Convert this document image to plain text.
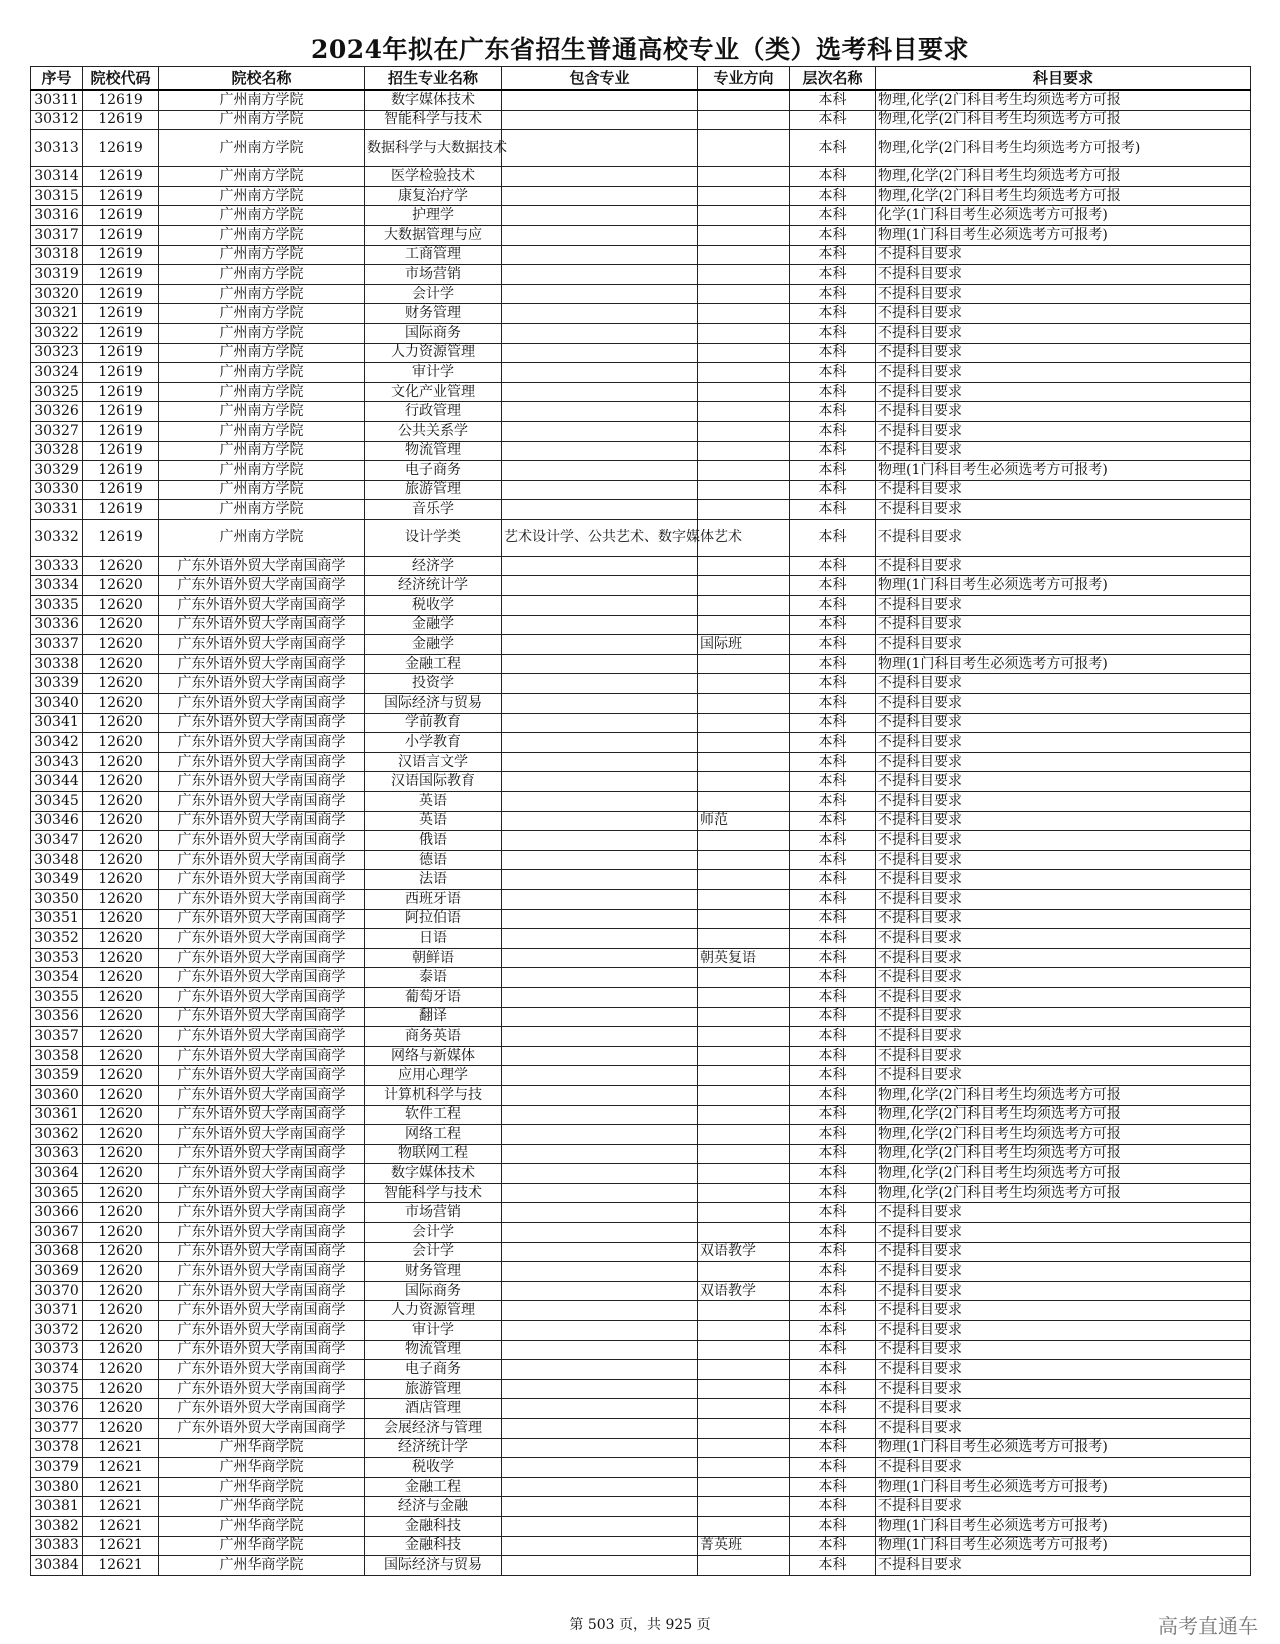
2024年拟在广东省招生普通高校专业（类）选考科目要求
序号	院校代码	院校名称	招生专业名称	包含专业	专业方向	层次名称	科目要求
30311	12619	广州南方学院	数字媒体技术			本科	物理,化学(2门科目考生均须选考方可报
30312	12619	广州南方学院	智能科学与技术			本科	物理,化学(2门科目考生均须选考方可报
30313	12619	广州南方学院	数据科学与大数据技术			本科	物理,化学(2门科目考生均须选考方可报考)
30314	12619	广州南方学院	医学检验技术			本科	物理,化学(2门科目考生均须选考方可报
30315	12619	广州南方学院	康复治疗学			本科	物理,化学(2门科目考生均须选考方可报
30316	12619	广州南方学院	护理学			本科	化学(1门科目考生必须选考方可报考)
30317	12619	广州南方学院	大数据管理与应			本科	物理(1门科目考生必须选考方可报考)
30318	12619	广州南方学院	工商管理			本科	不提科目要求
30319	12619	广州南方学院	市场营销			本科	不提科目要求
30320	12619	广州南方学院	会计学			本科	不提科目要求
30321	12619	广州南方学院	财务管理			本科	不提科目要求
30322	12619	广州南方学院	国际商务			本科	不提科目要求
30323	12619	广州南方学院	人力资源管理			本科	不提科目要求
30324	12619	广州南方学院	审计学			本科	不提科目要求
30325	12619	广州南方学院	文化产业管理			本科	不提科目要求
30326	12619	广州南方学院	行政管理			本科	不提科目要求
30327	12619	广州南方学院	公共关系学			本科	不提科目要求
30328	12619	广州南方学院	物流管理			本科	不提科目要求
30329	12619	广州南方学院	电子商务			本科	物理(1门科目考生必须选考方可报考)
30330	12619	广州南方学院	旅游管理			本科	不提科目要求
30331	12619	广州南方学院	音乐学			本科	不提科目要求
30332	12619	广州南方学院	设计学类	艺术设计学、公共艺术、数字媒体艺术		本科	不提科目要求
30333	12620	广东外语外贸大学南国商学	经济学			本科	不提科目要求
30334	12620	广东外语外贸大学南国商学	经济统计学			本科	物理(1门科目考生必须选考方可报考)
30335	12620	广东外语外贸大学南国商学	税收学			本科	不提科目要求
30336	12620	广东外语外贸大学南国商学	金融学			本科	不提科目要求
30337	12620	广东外语外贸大学南国商学	金融学		国际班	本科	不提科目要求
30338	12620	广东外语外贸大学南国商学	金融工程			本科	物理(1门科目考生必须选考方可报考)
30339	12620	广东外语外贸大学南国商学	投资学			本科	不提科目要求
30340	12620	广东外语外贸大学南国商学	国际经济与贸易			本科	不提科目要求
30341	12620	广东外语外贸大学南国商学	学前教育			本科	不提科目要求
30342	12620	广东外语外贸大学南国商学	小学教育			本科	不提科目要求
30343	12620	广东外语外贸大学南国商学	汉语言文学			本科	不提科目要求
30344	12620	广东外语外贸大学南国商学	汉语国际教育			本科	不提科目要求
30345	12620	广东外语外贸大学南国商学	英语			本科	不提科目要求
30346	12620	广东外语外贸大学南国商学	英语		师范	本科	不提科目要求
30347	12620	广东外语外贸大学南国商学	俄语			本科	不提科目要求
30348	12620	广东外语外贸大学南国商学	德语			本科	不提科目要求
30349	12620	广东外语外贸大学南国商学	法语			本科	不提科目要求
30350	12620	广东外语外贸大学南国商学	西班牙语			本科	不提科目要求
30351	12620	广东外语外贸大学南国商学	阿拉伯语			本科	不提科目要求
30352	12620	广东外语外贸大学南国商学	日语			本科	不提科目要求
30353	12620	广东外语外贸大学南国商学	朝鲜语		朝英复语	本科	不提科目要求
30354	12620	广东外语外贸大学南国商学	泰语			本科	不提科目要求
30355	12620	广东外语外贸大学南国商学	葡萄牙语			本科	不提科目要求
30356	12620	广东外语外贸大学南国商学	翻译			本科	不提科目要求
30357	12620	广东外语外贸大学南国商学	商务英语			本科	不提科目要求
30358	12620	广东外语外贸大学南国商学	网络与新媒体			本科	不提科目要求
30359	12620	广东外语外贸大学南国商学	应用心理学			本科	不提科目要求
30360	12620	广东外语外贸大学南国商学	计算机科学与技			本科	物理,化学(2门科目考生均须选考方可报
30361	12620	广东外语外贸大学南国商学	软件工程			本科	物理,化学(2门科目考生均须选考方可报
30362	12620	广东外语外贸大学南国商学	网络工程			本科	物理,化学(2门科目考生均须选考方可报
30363	12620	广东外语外贸大学南国商学	物联网工程			本科	物理,化学(2门科目考生均须选考方可报
30364	12620	广东外语外贸大学南国商学	数字媒体技术			本科	物理,化学(2门科目考生均须选考方可报
30365	12620	广东外语外贸大学南国商学	智能科学与技术			本科	物理,化学(2门科目考生均须选考方可报
30366	12620	广东外语外贸大学南国商学	市场营销			本科	不提科目要求
30367	12620	广东外语外贸大学南国商学	会计学			本科	不提科目要求
30368	12620	广东外语外贸大学南国商学	会计学		双语教学	本科	不提科目要求
30369	12620	广东外语外贸大学南国商学	财务管理			本科	不提科目要求
30370	12620	广东外语外贸大学南国商学	国际商务		双语教学	本科	不提科目要求
30371	12620	广东外语外贸大学南国商学	人力资源管理			本科	不提科目要求
30372	12620	广东外语外贸大学南国商学	审计学			本科	不提科目要求
30373	12620	广东外语外贸大学南国商学	物流管理			本科	不提科目要求
30374	12620	广东外语外贸大学南国商学	电子商务			本科	不提科目要求
30375	12620	广东外语外贸大学南国商学	旅游管理			本科	不提科目要求
30376	12620	广东外语外贸大学南国商学	酒店管理			本科	不提科目要求
30377	12620	广东外语外贸大学南国商学	会展经济与管理			本科	不提科目要求
30378	12621	广州华商学院	经济统计学			本科	物理(1门科目考生必须选考方可报考)
30379	12621	广州华商学院	税收学			本科	不提科目要求
30380	12621	广州华商学院	金融工程			本科	物理(1门科目考生必须选考方可报考)
30381	12621	广州华商学院	经济与金融			本科	不提科目要求
30382	12621	广州华商学院	金融科技			本科	物理(1门科目考生必须选考方可报考)
30383	12621	广州华商学院	金融科技		菁英班	本科	物理(1门科目考生必须选考方可报考)
30384	12621	广州华商学院	国际经济与贸易			本科	不提科目要求
第 503 页，共 925 页	高考直通车
